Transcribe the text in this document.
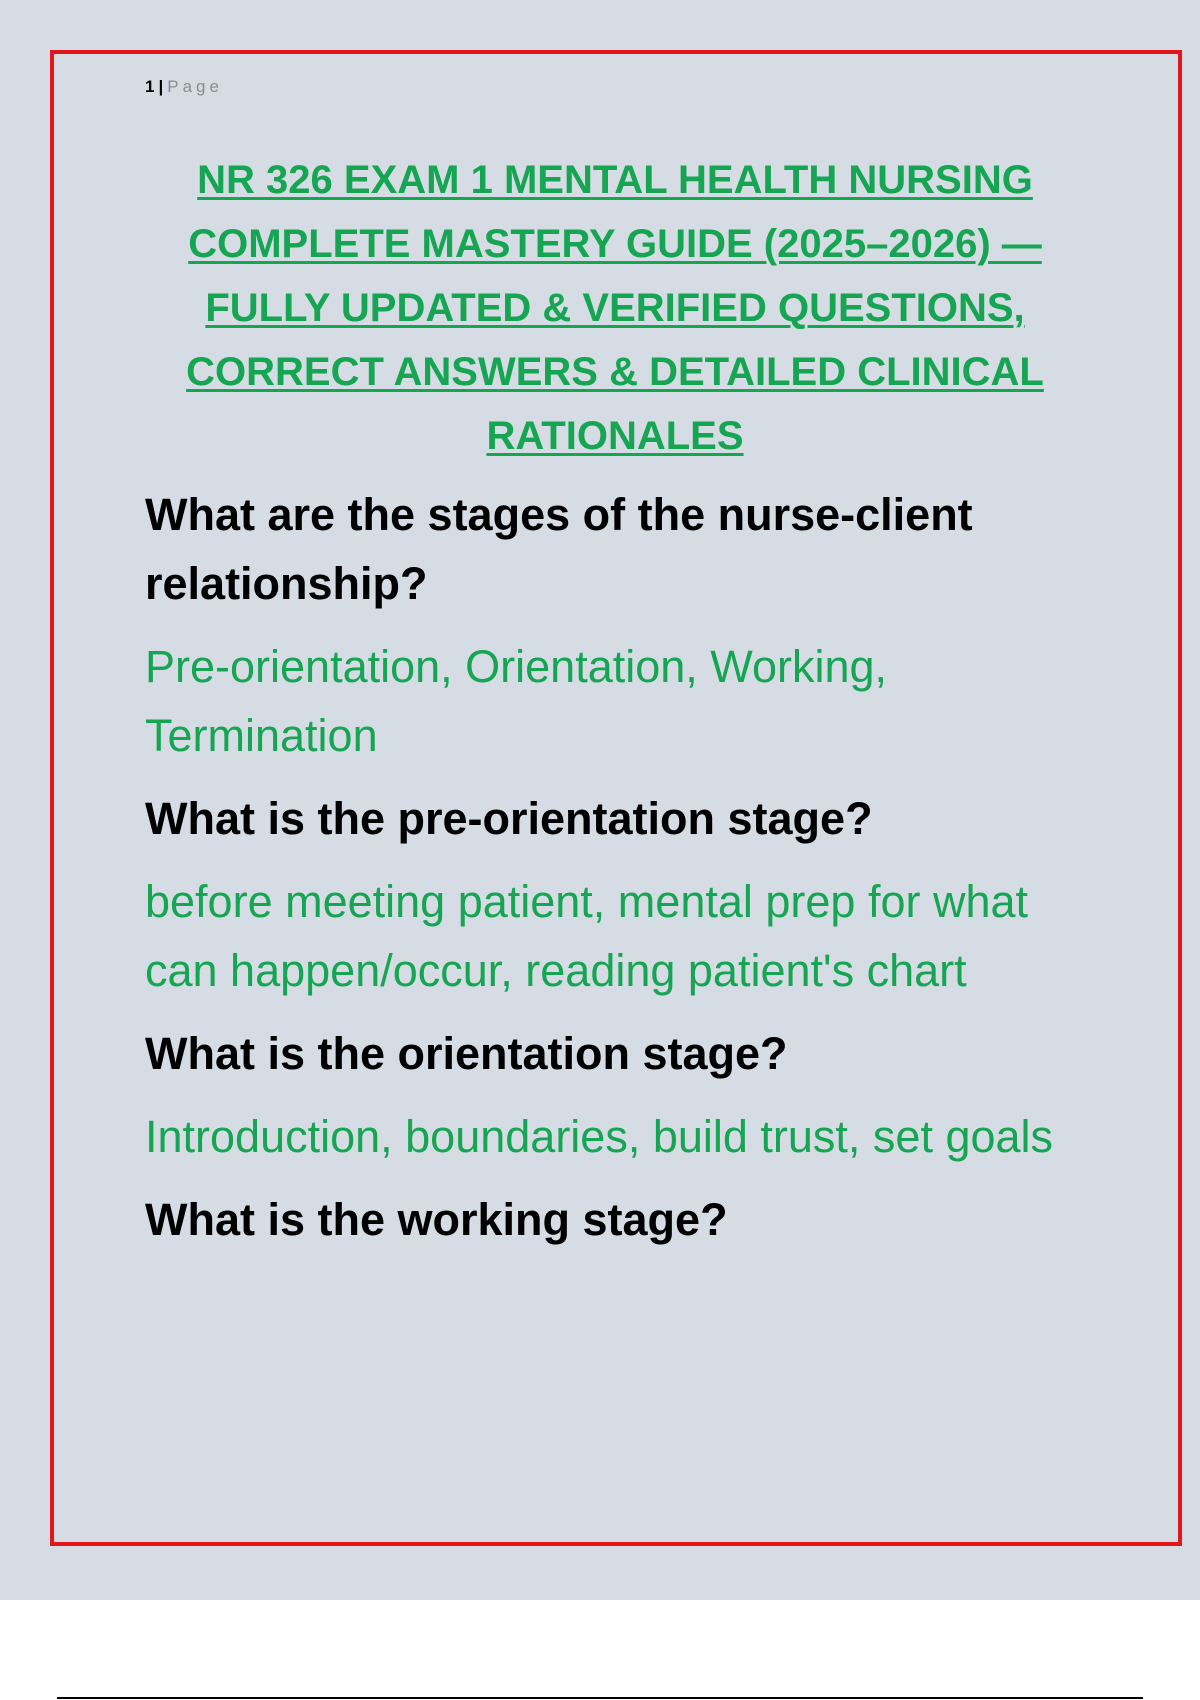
1 | Page
NR 326 EXAM 1 MENTAL HEALTH NURSING COMPLETE MASTERY GUIDE (2025–2026) — FULLY UPDATED & VERIFIED QUESTIONS, CORRECT ANSWERS & DETAILED CLINICAL RATIONALES
What are the stages of the nurse-client relationship?
Pre-orientation, Orientation, Working, Termination
What is the pre-orientation stage?
before meeting patient, mental prep for what can happen/occur, reading patient's chart
What is the orientation stage?
Introduction, boundaries, build trust, set goals
What is the working stage?
